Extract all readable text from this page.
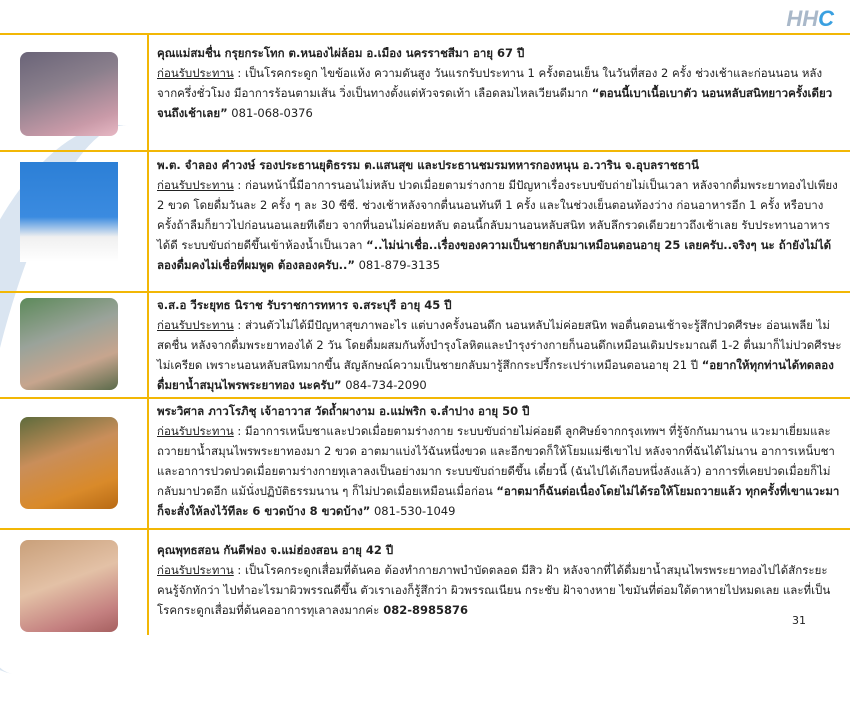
HHC
คุณแม่สมชื่น กรุยกระโทก ต.หนองไผ่ล้อม อ.เมือง นครราชสีมา อายุ 67 ปี
ก่อนรับประทาน : เป็นโรคกระดูก ไขข้อแห้ง ความดันสูง วันแรกรับประทาน 1 ครั้งตอนเย็น ในวันที่สอง 2 ครั้ง ช่วงเช้าและก่อนนอน หลังจากครึ่งชั่วโมง มีอาการร้อนตามเส้น วิ่งเป็นทางตั้งแต่หัวจรดเท้า เลือดลมไหลเวียนดีมาก “ตอนนี้เบาเนื้อเบาตัว นอนหลับสนิทยาวครั้งเดียวจนถึงเช้าเลย” 081-068-0376
พ.ต. จำลอง คำวงษ์ รองประธานยุติธรรม ต.แสนสุข และประธานชมรมทหารกองหนุน อ.วาริน จ.อุบลราชธานี
ก่อนรับประทาน : ก่อนหน้านี้มีอาการนอนไม่หลับ ปวดเมื่อยตามร่างกาย มีปัญหาเรื่องระบบขับถ่ายไม่เป็นเวลา หลังจากดื่มพระยาทองไปเพียง 2 ขวด โดยดื่มวันละ 2 ครั้ง ๆ ละ 30 ซีซี. ช่วงเช้าหลังจากตื่นนอนทันที 1 ครั้ง และในช่วงเย็นตอนท้องว่าง ก่อนอาหารอีก 1 ครั้ง หรือบางครั้งถ้าลืมก็ยาวไปก่อนนอนเลยทีเดียว จากที่นอนไม่ค่อยหลับ ตอนนี้กลับมานอนหลับสนิท หลับลึกรวดเดียวยาวถึงเช้าเลย รับประทานอาหารได้ดี ระบบขับถ่ายดีขึ้นเข้าห้องน้ำเป็นเวลา “..ไม่น่าเชื่อ..เรื่องของความเป็นชายกลับมาเหมือนตอนอายุ 25 เลยครับ..จริงๆ นะ ถ้ายังไม่ได้ลองดื่มคงไม่เชื่อที่ผมพูด ต้องลองครับ..” 081-879-3135
จ.ส.อ วีระยุทธ นิราช รับราชการทหาร จ.สระบุรี อายุ 45 ปี
ก่อนรับประทาน : ส่วนตัวไม่ได้มีปัญหาสุขภาพอะไร แต่บางครั้งนอนดึก นอนหลับไม่ค่อยสนิท พอตื่นตอนเช้าจะรู้สึกปวดศีรษะ อ่อนเพลีย ไม่สดชื่น หลังจากดื่มพระยาทองได้ 2 วัน โดยดื่มผสมกันทั้งบำรุงโลหิตและบำรุงร่างกายก็นอนดึกเหมือนเดิมประมาณตี 1-2 ตื่นมาก็ไม่ปวดศีรษะ ไม่เครียด เพราะนอนหลับสนิทมากขึ้น สัญลักษณ์ความเป็นชายกลับมารู้สึกกระปรี้กระเปร่าเหมือนตอนอายุ 21 ปี “อยากให้ทุกท่านได้ทดลองดื่มยาน้ำสมุนไพรพระยาทอง นะครับ” 084-734-2090
พระวิศาล ภาวโรภิชุ เจ้าอาวาส วัดถ้ำผางาม อ.แม่พริก จ.ลำปาง อายุ 50 ปี
ก่อนรับประทาน : มีอาการเหน็บชาและปวดเมื่อยตามร่างกาย ระบบขับถ่ายไม่ค่อยดี ลูกศิษย์จากกรุงเทพฯ ที่รู้จักกันมานาน แวะมาเยี่ยมและถวายยาน้ำสมุนไพรพระยาทองมา 2 ขวด อาตมาแบ่งไว้ฉันหนึ่งขวด และอีกขวดก็ให้โยมแม่ชีเขาไป หลังจากที่ฉันได้ไม่นาน อาการเหน็บชาและอาการปวดปวดเมื่อยตามร่างกายทุเลาลงเป็นอย่างมาก ระบบขับถ่ายดีขึ้น เดี๋ยวนี้ (ฉันไปได้เกือบหนึ่งลังแล้ว) อาการที่เคยปวดเมื่อยก็ไม่กลับมาปวดอีก แม้นั่งปฏิบัติธรรมนาน ๆ ก็ไม่ปวดเมื่อยเหมือนเมื่อก่อน “อาตมาก็ฉันต่อเนื่องโดยไม่ได้รอให้โยมถวายแล้ว ทุกครั้งที่เขาแวะมาก็จะสั่งให้ลงไว้ทีละ 6 ขวดบ้าง 8 ขวดบ้าง” 081-530-1049
คุณพุทธสอน กันตีฟอง จ.แม่ฮ่องสอน อายุ 42 ปี
ก่อนรับประทาน : เป็นโรคกระดูกเสื่อมที่ต้นคอ ต้องทำกายภาพบำบัดตลอด มีสิว ฝ้า หลังจากที่ได้ดื่มยาน้ำสมุนไพรพระยาทองไปได้สักระยะ คนรู้จักทักว่า ไปทำอะไรมาผิวพรรณดีขึ้น ตัวเราเองก็รู้สึกว่า ผิวพรรณเนียน กระชับ ฝ้าจางหาย ไขมันที่ต่อมใต้ตาหายไปหมดเลย และที่เป็นโรคกระดูกเสื่อมที่ต้นคออาการทุเลาลงมากค่ะ 082-8985876
31
